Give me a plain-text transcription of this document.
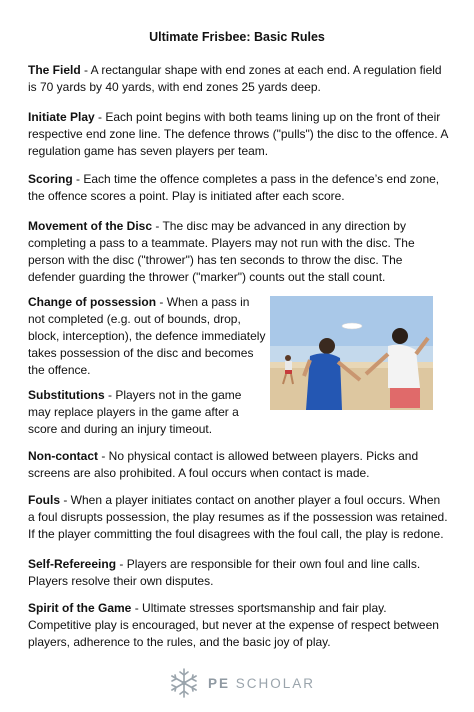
Ultimate Frisbee: Basic Rules

The Field - A rectangular shape with end zones at each end. A regulation field is 70 yards by 40 yards, with end zones 25 yards deep.

Initiate Play - Each point begins with both teams lining up on the front of their respective end zone line. The defence throws ("pulls") the disc to the offence. A regulation game has seven players per team.

Scoring - Each time the offence completes a pass in the defence’s end zone, the offence scores a point. Play is initiated after each score.

Movement of the Disc - The disc may be advanced in any direction by completing a pass to a teammate. Players may not run with the disc. The person with the disc ("thrower") has ten seconds to throw the disc. The defender guarding the thrower ("marker") counts out the stall count.

Change of possession - When a pass in not completed (e.g. out of bounds, drop, block, interception), the defence immediately takes possession of the disc and becomes the offence.

Substitutions - Players not in the game may replace players in the game after a score and during an injury timeout.

Non-contact - No physical contact is allowed between players. Picks and screens are also prohibited. A foul occurs when contact is made.

Fouls - When a player initiates contact on another player a foul occurs. When a foul disrupts possession, the play resumes as if the possession was retained. If the player committing the foul disagrees with the foul call, the play is redone.

Self-Refereeing - Players are responsible for their own foul and line calls. Players resolve their own disputes.

Spirit of the Game - Ultimate stresses sportsmanship and fair play. Competitive play is encouraged, but never at the expense of respect between players, adherence to the rules, and the basic joy of play.

PE SCHOLAR
